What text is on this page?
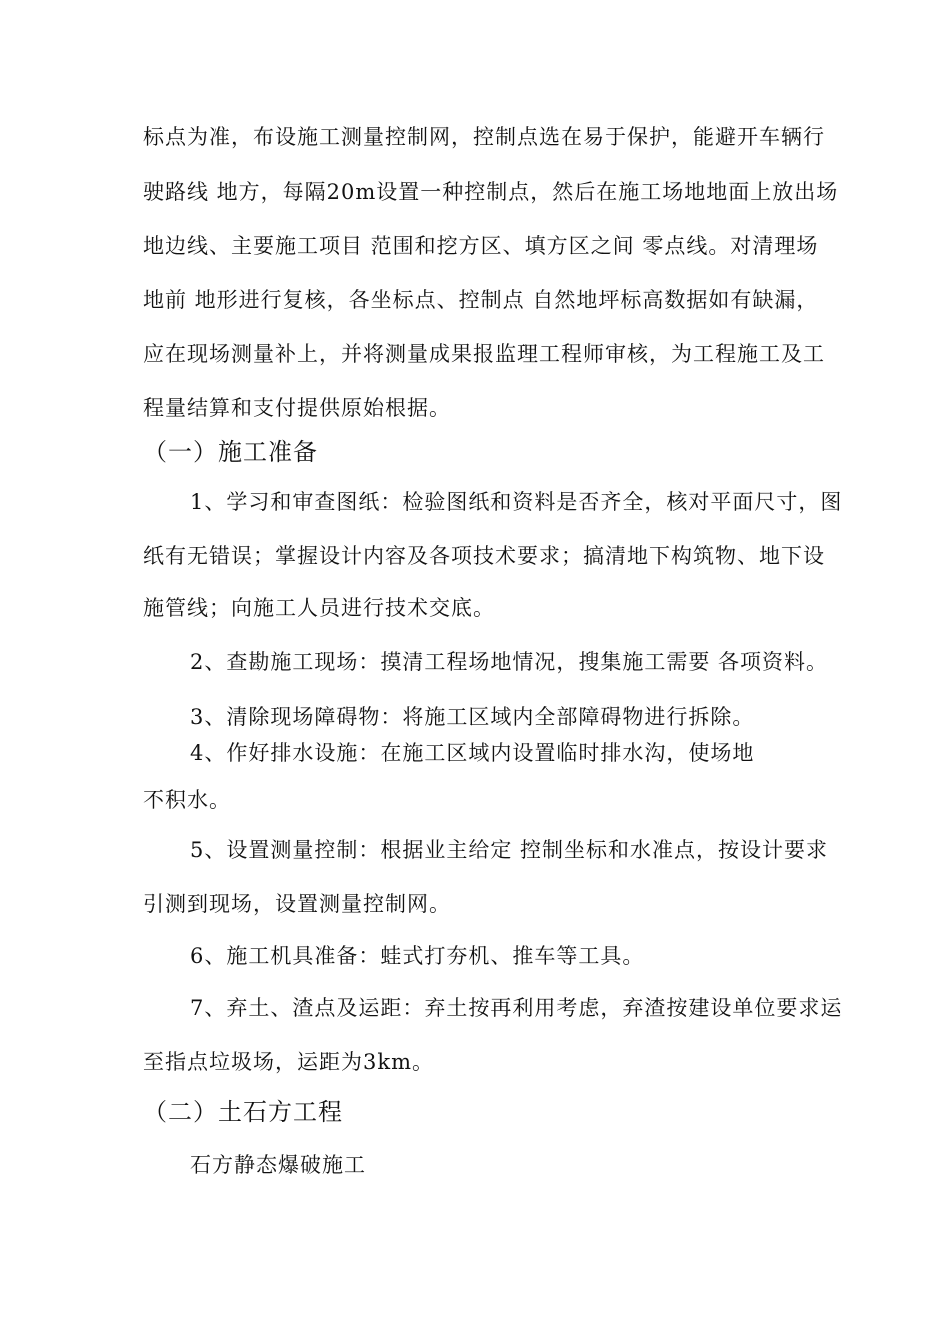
标点为准，布设施工测量控制网，控制点选在易于保护，能避开车辆行
驶路线 地方，每隔20m设置一种控制点，然后在施工场地地面上放出场
地边线、主要施工项目 范围和挖方区、填方区之间 零点线。对清理场
地前 地形进行复核，各坐标点、控制点 自然地坪标高数据如有缺漏，
应在现场测量补上，并将测量成果报监理工程师审核，为工程施工及工
程量结算和支付提供原始根据。
（一）施工准备
1、学习和审查图纸：检验图纸和资料是否齐全，核对平面尺寸，图
纸有无错误；掌握设计内容及各项技术要求；搞清地下构筑物、地下设
施管线；向施工人员进行技术交底。
2、查勘施工现场：摸清工程场地情况，搜集施工需要 各项资料。
3、清除现场障碍物：将施工区域内全部障碍物进行拆除。
4、作好排水设施：在施工区域内设置临时排水沟，使场地
不积水。
5、设置测量控制：根据业主给定 控制坐标和水准点，按设计要求
引测到现场，设置测量控制网。
6、施工机具准备：蛙式打夯机、推车等工具。
7、弃土、渣点及运距：弃土按再利用考虑，弃渣按建设单位要求运
至指点垃圾场，运距为3km。
（二）土石方工程
石方静态爆破施工
